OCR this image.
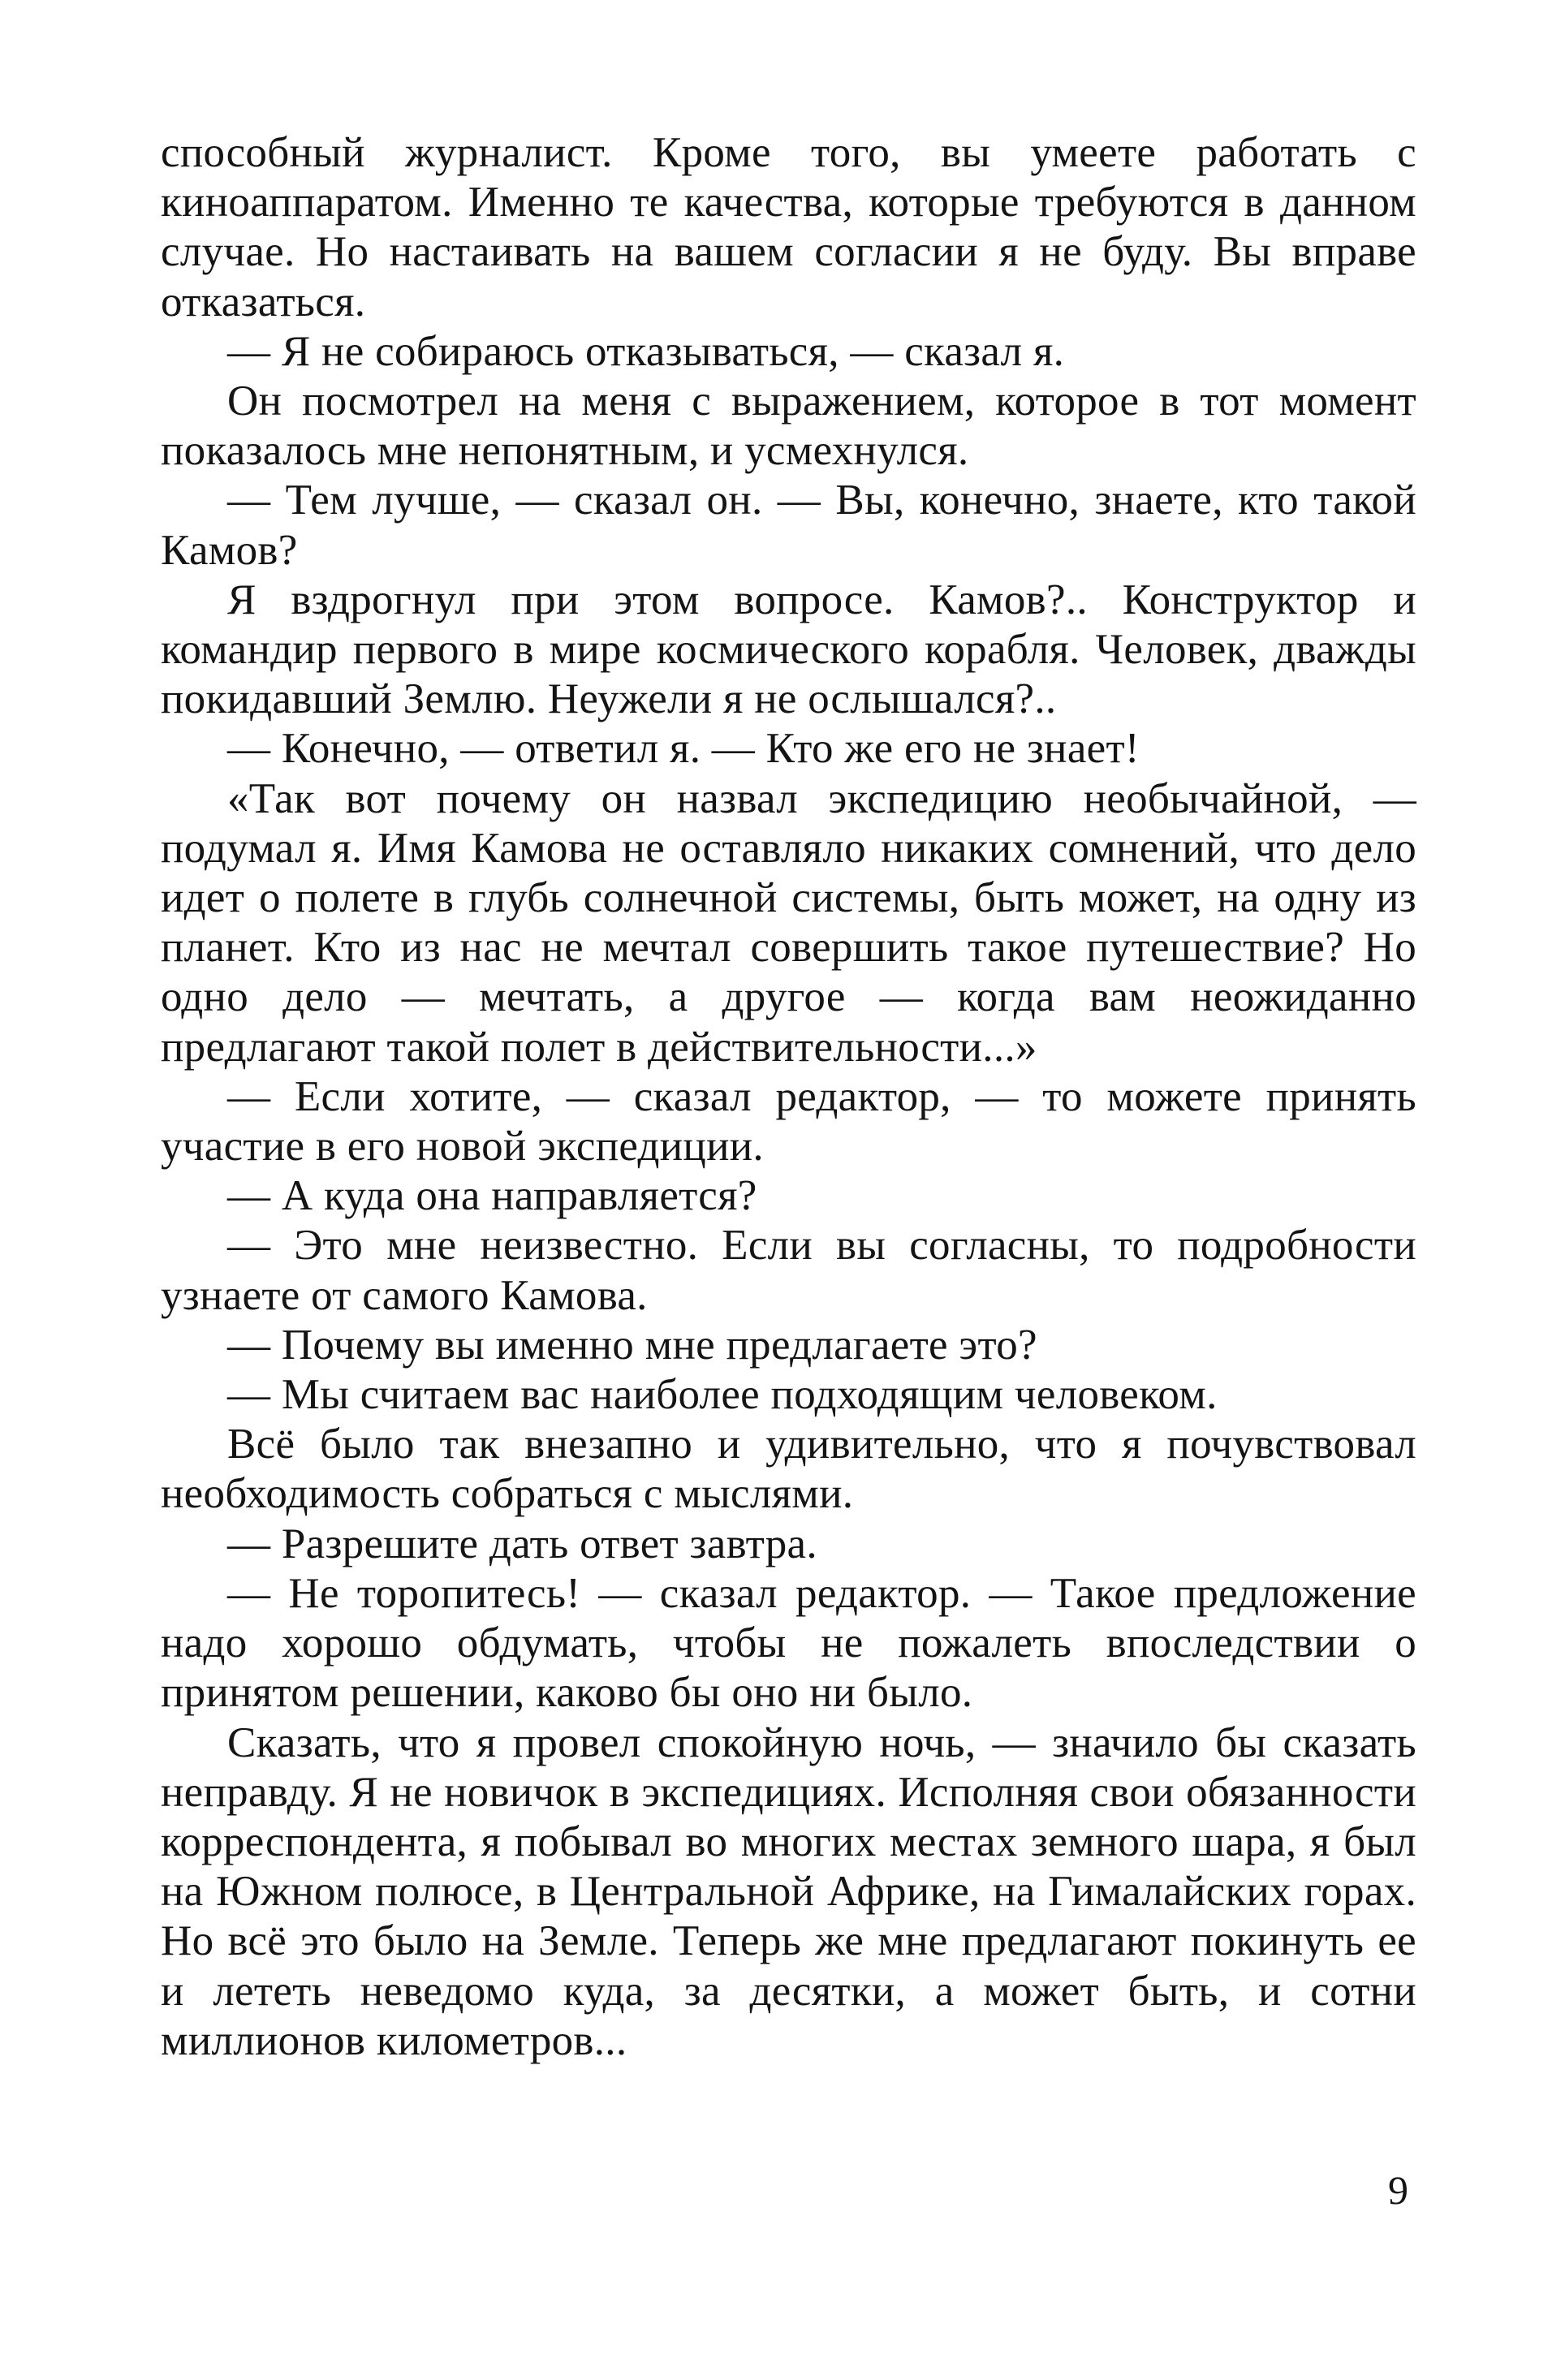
способный журналист. Кроме того, вы умеете работать с киноаппаратом. Именно те качества, которые требуются в данном случае. Но настаивать на вашем согласии я не буду. Вы вправе отказаться.

— Я не собираюсь отказываться, — сказал я.

Он посмотрел на меня с выражением, которое в тот момент показалось мне непонятным, и усмехнулся.

— Тем лучше, — сказал он. — Вы, конечно, знаете, кто такой Камов?

Я вздрогнул при этом вопросе. Камов?.. Конструктор и командир первого в мире космического корабля. Человек, дважды покидавший Землю. Неужели я не ослышался?..

— Конечно, — ответил я. — Кто же его не знает!

«Так вот почему он назвал экспедицию необычайной, — подумал я. Имя Камова не оставляло никаких сомнений, что дело идет о полете в глубь солнечной системы, быть может, на одну из планет. Кто из нас не мечтал совершить такое путешествие? Но одно дело — мечтать, а другое — когда вам неожиданно предлагают такой полет в действительности...»

— Если хотите, — сказал редактор, — то можете принять участие в его новой экспедиции.

— А куда она направляется?

— Это мне неизвестно. Если вы согласны, то подробности узнаете от самого Камова.

— Почему вы именно мне предлагаете это?

— Мы считаем вас наиболее подходящим человеком.

Всё было так внезапно и удивительно, что я почувствовал необходимость собраться с мыслями.

— Разрешите дать ответ завтра.

— Не торопитесь! — сказал редактор. — Такое предложение надо хорошо обдумать, чтобы не пожалеть впоследствии о принятом решении, каково бы оно ни было.

Сказать, что я провел спокойную ночь, — значило бы сказать неправду. Я не новичок в экспедициях. Исполняя свои обязанности корреспондента, я побывал во многих местах земного шара, я был на Южном полюсе, в Центральной Африке, на Гималайских горах. Но всё это было на Земле. Теперь же мне предлагают покинуть ее и лететь неведомо куда, за десятки, а может быть, и сотни миллионов километров...

9
